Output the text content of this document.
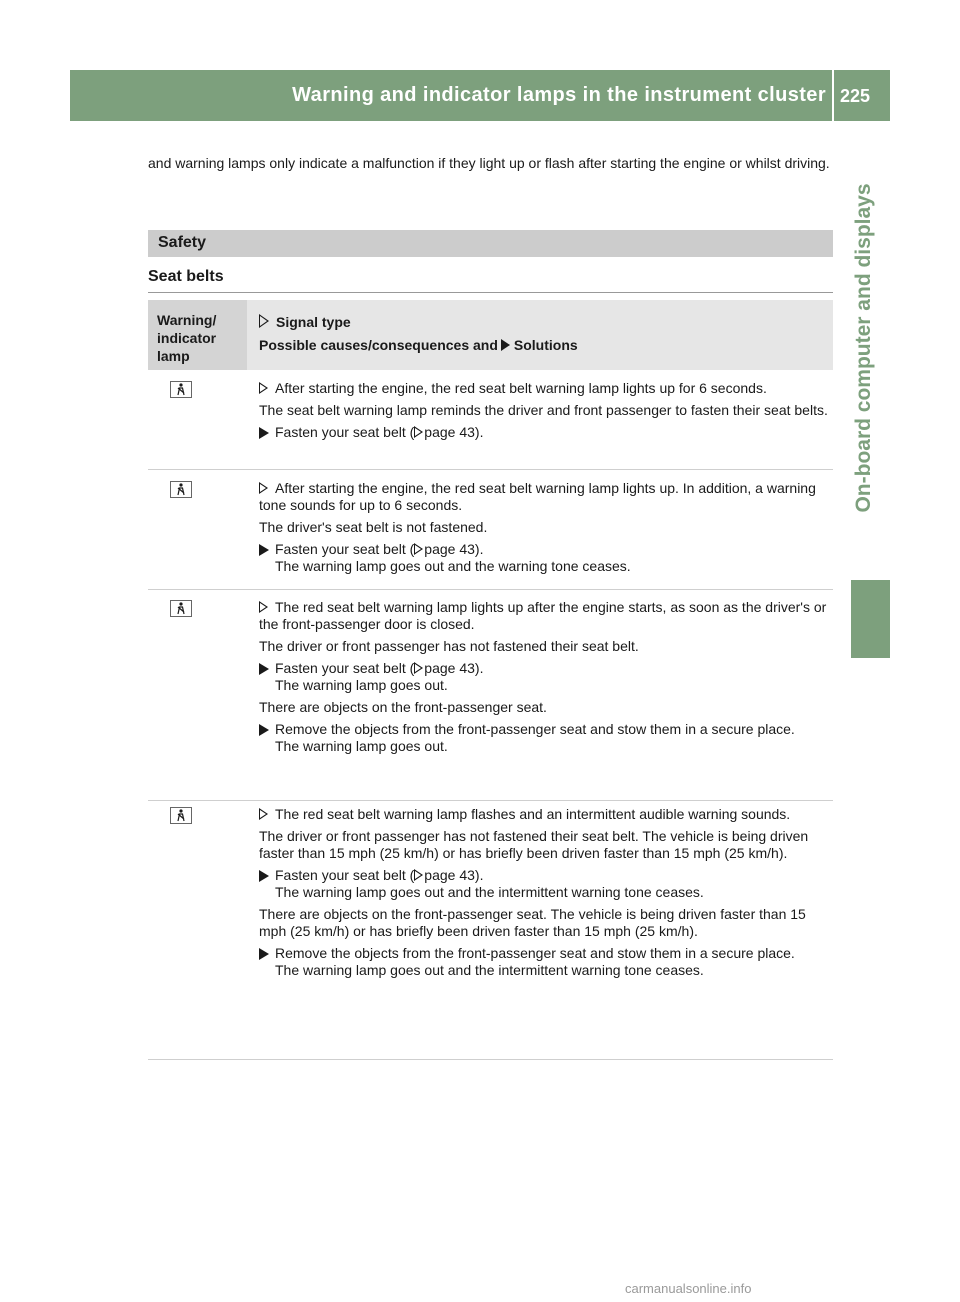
Warning and indicator lamps in the instrument cluster 225
On-board computer and displays
and warning lamps only indicate a malfunction if they light up or flash after starting the engine or whilst driving.
Safety
Seat belts
Warning/ indicator lamp
Signal type
Possible causes/consequences and Solutions

After starting the engine, the red seat belt warning lamp lights up for 6 seconds.

The seat belt warning lamp reminds the driver and front passenger to fasten their seat belts.

Fasten your seat belt ( page 43).

After starting the engine, the red seat belt warning lamp lights up. In addition, a warning tone sounds for up to 6 seconds.

The driver's seat belt is not fastened.

Fasten your seat belt ( page 43).
The warning lamp goes out and the warning tone ceases.

The red seat belt warning lamp lights up after the engine starts, as soon as the driver's or the front-passenger door is closed.

The driver or front passenger has not fastened their seat belt.

Fasten your seat belt ( page 43).
The warning lamp goes out.

There are objects on the front-passenger seat.

Remove the objects from the front-passenger seat and stow them in a secure place.
The warning lamp goes out.

The red seat belt warning lamp flashes and an intermittent audible warning sounds.

The driver or front passenger has not fastened their seat belt. The vehicle is being driven faster than 15 mph (25 km/h) or has briefly been driven faster than 15 mph (25 km/h).

Fasten your seat belt ( page 43).
The warning lamp goes out and the intermittent warning tone ceases.

There are objects on the front-passenger seat. The vehicle is being driven faster than 15 mph (25 km/h) or has briefly been driven faster than 15 mph (25 km/h).

Remove the objects from the front-passenger seat and stow them in a secure place.
The warning lamp goes out and the intermittent warning tone ceases.

carmanualsonline.info
